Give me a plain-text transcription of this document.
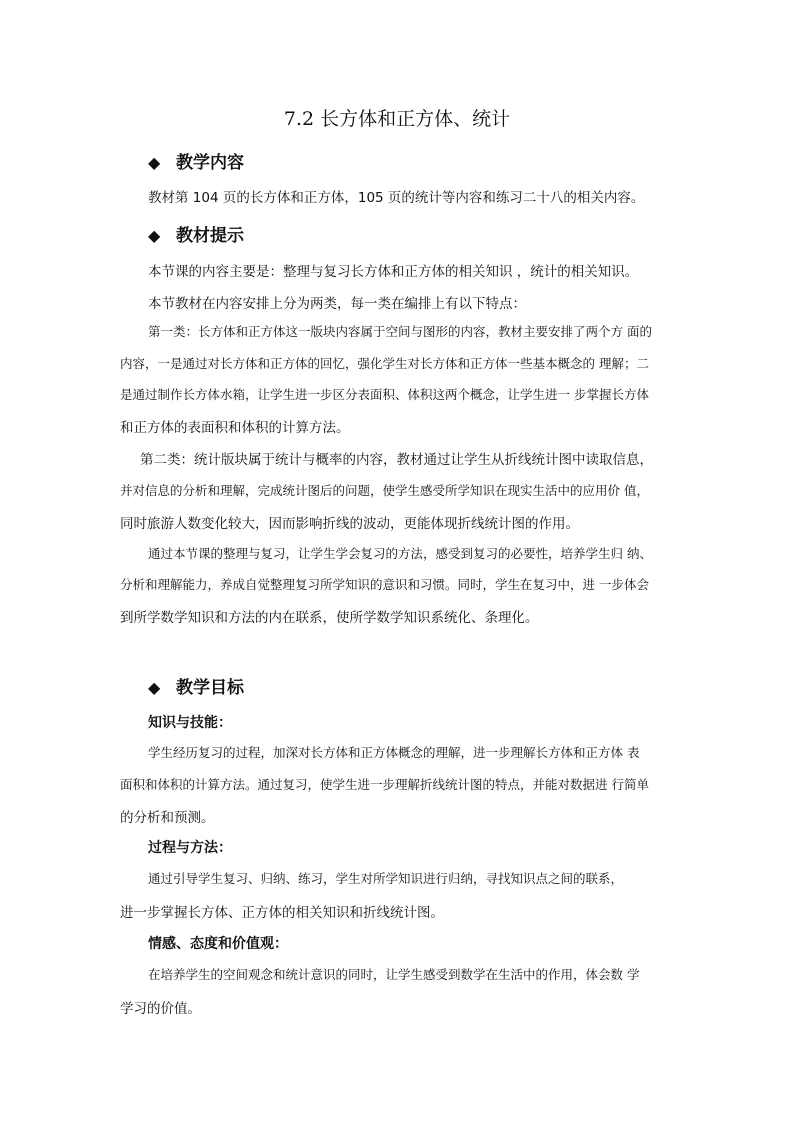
7.2 长方体和正方体、统计
◆ 教学内容
教材第 104 页的长方体和正方体，105 页的统计等内容和练习二十八的相关内容。
◆ 教材提示
本节课的内容主要是：整理与复习长方体和正方体的相关知识 ，统计的相关知识。
本节教材在内容安排上分为两类，每一类在编排上有以下特点：
第一类：长方体和正方体这一版块内容属于空间与图形的内容，教材主要安排了两个方 面的
内容，一是通过对长方体和正方体的回忆，强化学生对长方体和正方体一些基本概念的 理解；二
是通过制作长方体水箱，让学生进一步区分表面积、体积这两个概念，让学生进一 步掌握长方体
和正方体的表面积和体积的计算方法。
第二类：统计版块属于统计与概率的内容，教材通过让学生从折线统计图中读取信息，
并对信息的分析和理解，完成统计图后的问题，使学生感受所学知识在现实生活中的应用价 值，
同时旅游人数变化较大，因而影响折线的波动，更能体现折线统计图的作用。
通过本节课的整理与复习，让学生学会复习的方法，感受到复习的必要性，培养学生归 纳、
分析和理解能力，养成自觉整理复习所学知识的意识和习惯。同时，学生在复习中，进 一步体会
到所学数学知识和方法的内在联系，使所学数学知识系统化、条理化。
◆ 教学目标
知识与技能：
学生经历复习的过程，加深对长方体和正方体概念的理解，进一步理解长方体和正方体 表
面积和体积的计算方法。通过复习，使学生进一步理解折线统计图的特点，并能对数据进 行简单
的分析和预测。
过程与方法：
通过引导学生复习、归纳、练习，学生对所学知识进行归纳，寻找知识点之间的联系，
进一步掌握长方体、正方体的相关知识和折线统计图。
情感、态度和价值观：
在培养学生的空间观念和统计意识的同时，让学生感受到数学在生活中的作用，体会数 学
学习的价值。
